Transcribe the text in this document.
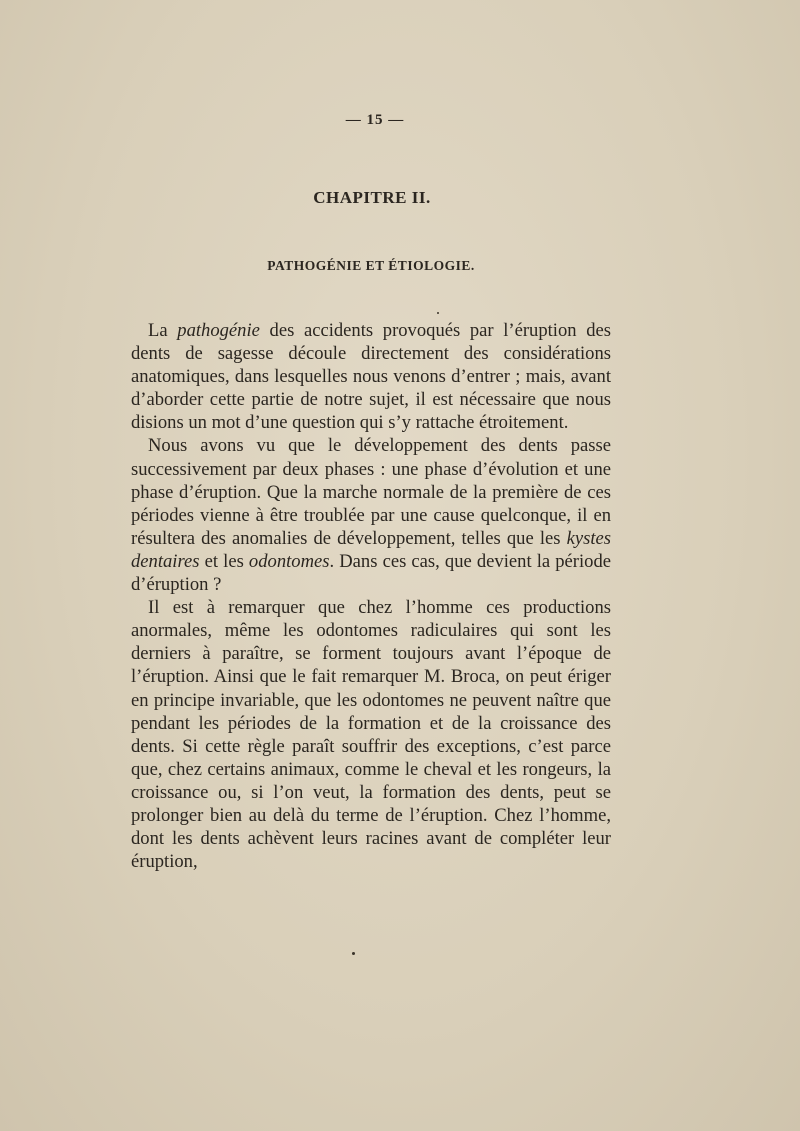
— 15 —
CHAPITRE II.
PATHOGÉNIE ET ÉTIOLOGIE.

La pathogénie des accidents provoqués par l’éruption des dents de sagesse découle directement des considérations anatomiques, dans lesquelles nous venons d’entrer ; mais, avant d’aborder cette partie de notre sujet, il est nécessaire que nous disions un mot d’une question qui s’y rattache étroitement.

Nous avons vu que le développement des dents passe successivement par deux phases : une phase d’évolution et une phase d’éruption. Que la marche normale de la première de ces périodes vienne à être troublée par une cause quelconque, il en résultera des anomalies de développement, telles que les kystes dentaires et les odontomes. Dans ces cas, que devient la période d’éruption ?

Il est à remarquer que chez l’homme ces productions anormales, même les odontomes radiculaires qui sont les derniers à paraître, se forment toujours avant l’époque de l’éruption. Ainsi que le fait remarquer M. Broca, on peut ériger en principe invariable, que les odontomes ne peuvent naître que pendant les périodes de la formation et de la croissance des dents. Si cette règle paraît souffrir des exceptions, c’est parce que, chez certains animaux, comme le cheval et les rongeurs, la croissance ou, si l’on veut, la formation des dents, peut se prolonger bien au delà du terme de l’éruption. Chez l’homme, dont les dents achèvent leurs racines avant de compléter leur éruption,
